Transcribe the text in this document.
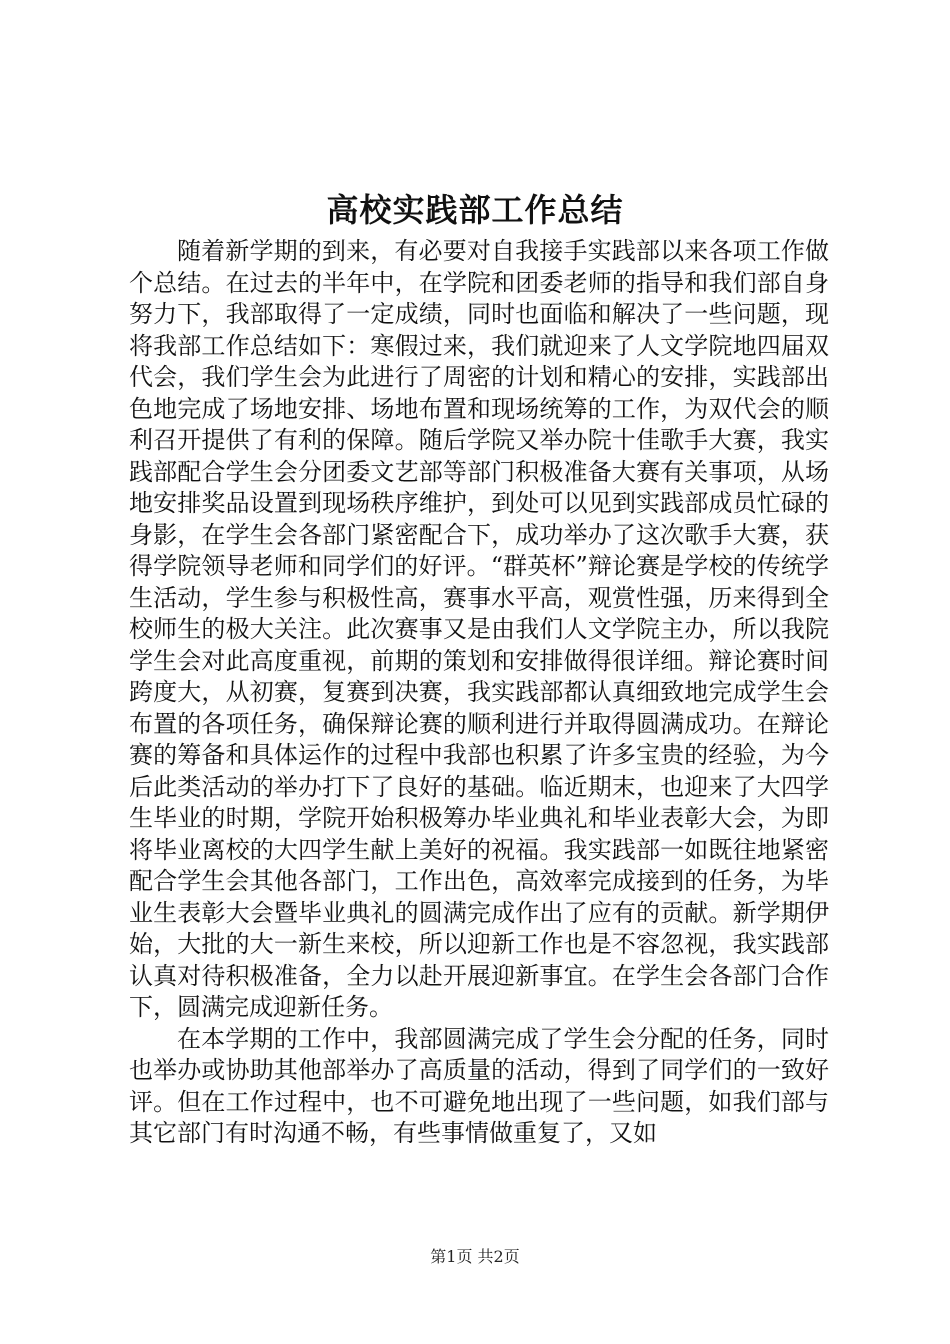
高校实践部工作总结

随着新学期的到来，有必要对自我接手实践部以来各项工作做个总结。在过去的半年中，在学院和团委老师的指导和我们部自身努力下，我部取得了一定成绩，同时也面临和解决了一些问题，现将我部工作总结如下：寒假过来，我们就迎来了人文学院地四届双代会，我们学生会为此进行了周密的计划和精心的安排，实践部出色地完成了场地安排、场地布置和现场统筹的工作，为双代会的顺利召开提供了有利的保障。随后学院又举办院十佳歌手大赛，我实践部配合学生会分团委文艺部等部门积极准备大赛有关事项，从场地安排奖品设置到现场秩序维护，到处可以见到实践部成员忙碌的身影，在学生会各部门紧密配合下，成功举办了这次歌手大赛，获得学院领导老师和同学们的好评。“群英杯”辩论赛是学校的传统学生活动，学生参与积极性高，赛事水平高，观赏性强，历来得到全校师生的极大关注。此次赛事又是由我们人文学院主办，所以我院学生会对此高度重视，前期的策划和安排做得很详细。辩论赛时间跨度大，从初赛，复赛到决赛，我实践部都认真细致地完成学生会布置的各项任务，确保辩论赛的顺利进行并取得圆满成功。在辩论赛的筹备和具体运作的过程中我部也积累了许多宝贵的经验，为今后此类活动的举办打下了良好的基础。临近期末，也迎来了大四学生毕业的时期，学院开始积极筹办毕业典礼和毕业表彰大会，为即将毕业离校的大四学生献上美好的祝福。我实践部一如既往地紧密配合学生会其他各部门，工作出色，高效率完成接到的任务，为毕业生表彰大会暨毕业典礼的圆满完成作出了应有的贡献。新学期伊始，大批的大一新生来校，所以迎新工作也是不容忽视，我实践部认真对待积极准备，全力以赴开展迎新事宜。在学生会各部门合作下，圆满完成迎新任务。

在本学期的工作中，我部圆满完成了学生会分配的任务，同时也举办或协助其他部举办了高质量的活动，得到了同学们的一致好评。但在工作过程中，也不可避免地出现了一些问题，如我们部与其它部门有时沟通不畅，有些事情做重复了，又如

第1页 共2页
